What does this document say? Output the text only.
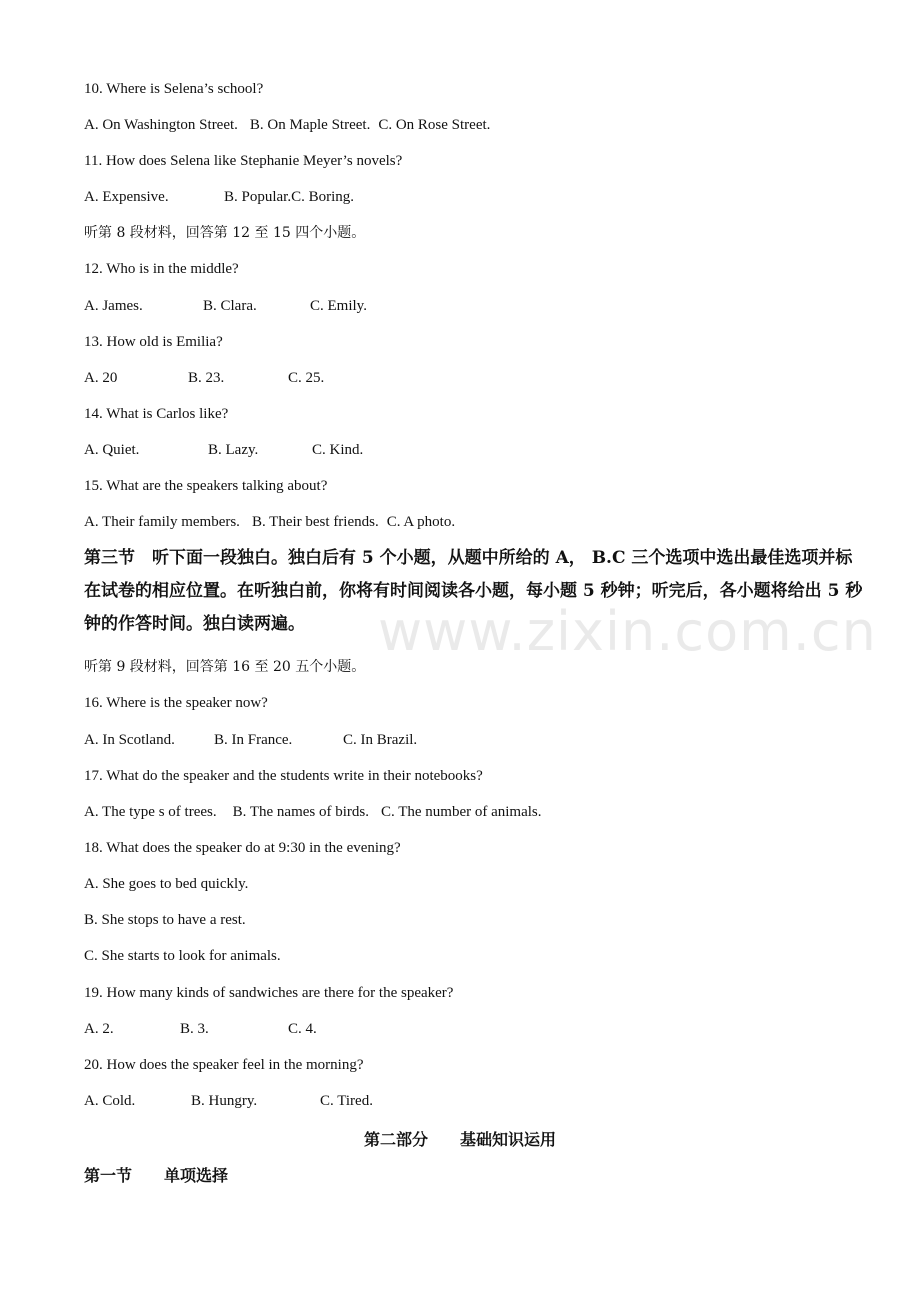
10. Where is Selena’s school?
A. On Washington Street. B. On Maple Street. C. On Rose Street.
11. How does Selena like Stephanie Meyer’s novels?
A. Expensive.	B. Popular.C. Boring.
听第 8 段材料，回答第 12 至 15 四个小题。
12. Who is in the middle?
A. James.	B. Clara.	C. Emily.
13. How old is Emilia?
A. 20	B. 23.	C. 25.
14. What is Carlos like?
A. Quiet.	B. Lazy.	C. Kind.
15. What are the speakers talking about?
A. Their family members. B. Their best friends. C. A photo.
第三节　听下面一段独白。独白后有 5 个小题，从题中所给的 A， B.C 三个选项中选出最佳选项并标在试卷的相应位置。在听独白前，你将有时间阅读各小题，每小题 5 秒钟；听完后，各小题将给出 5 秒钟的作答时间。独白读两遍。	www.zixin.com.cn
听第 9 段材料，回答第 16 至 20 五个小题。
16. Where is the speaker now?
A. In Scotland.	B. In France.	C. In Brazil.
17. What do the speaker and the students write in their notebooks?
A. The type s of trees. B. The names of birds. C. The number of animals.
18. What does the speaker do at 9:30 in the evening?
A. She goes to bed quickly.
B. She stops to have a rest.
C. She starts to look for animals.
19. How many kinds of sandwiches are there for the speaker?
A. 2.	B. 3.	C. 4.
20. How does the speaker feel in the morning?
A. Cold.	B. Hungry.	C. Tired.
第二部分　　基础知识运用
第一节　　单项选择
